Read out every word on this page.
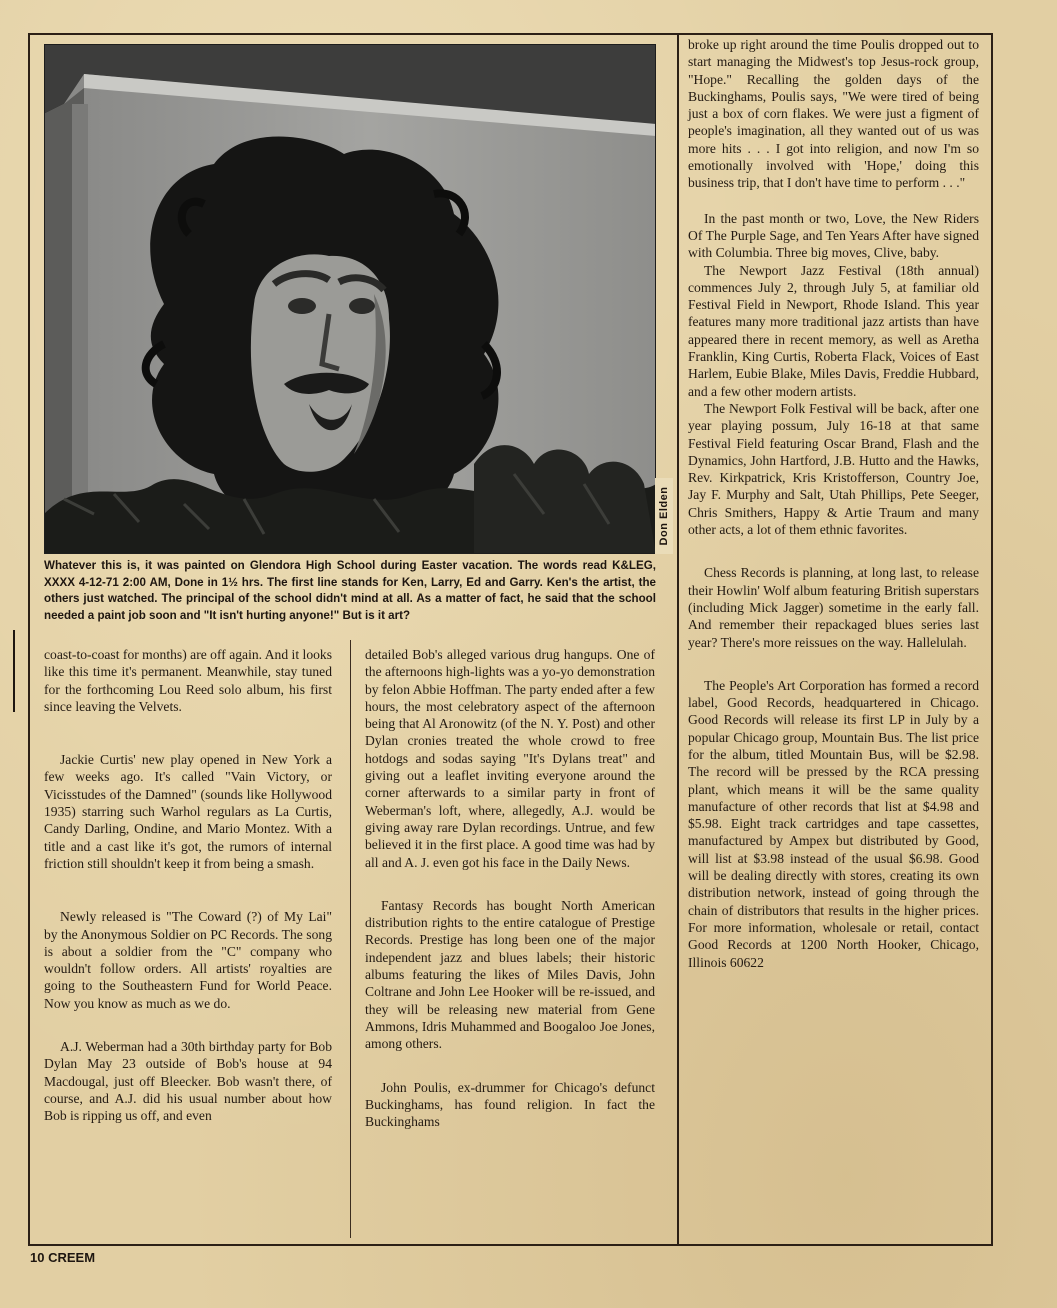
Don Elden

Whatever this is, it was painted on Glendora High School during Easter vacation. The words read K&LEG, XXXX 4-12-71 2:00 AM, Done in 1½ hrs. The first line stands for Ken, Larry, Ed and Garry. Ken's the artist, the others just watched. The principal of the school didn't mind at all. As a matter of fact, he said that the school needed a paint job soon and "It isn't hurting anyone!" But is it art?

coast-to-coast for months) are off again. And it looks like this time it's permanent. Meanwhile, stay tuned for the forthcoming Lou Reed solo album, his first since leaving the Velvets.

Jackie Curtis' new play opened in New York a few weeks ago. It's called "Vain Victory, or Vicisstudes of the Damned" (sounds like Hollywood 1935) starring such Warhol regulars as La Curtis, Candy Darling, Ondine, and Mario Montez. With a title and a cast like it's got, the rumors of internal friction still shouldn't keep it from being a smash.

Newly released is "The Coward (?) of My Lai" by the Anonymous Soldier on PC Records. The song is about a soldier from the "C" company who wouldn't follow orders. All artists' royalties are going to the Southeastern Fund for World Peace. Now you know as much as we do.

A.J. Weberman had a 30th birthday party for Bob Dylan May 23 outside of Bob's house at 94 Macdougal, just off Bleecker. Bob wasn't there, of course, and A.J. did his usual number about how Bob is ripping us off, and even

detailed Bob's alleged various drug hangups. One of the afternoons high-lights was a yo-yo demonstration by felon Abbie Hoffman. The party ended after a few hours, the most celebratory aspect of the afternoon being that Al Aronowitz (of the N. Y. Post) and other Dylan cronies treated the whole crowd to free hotdogs and sodas saying "It's Dylans treat" and giving out a leaflet inviting everyone around the corner afterwards to a similar party in front of Weberman's loft, where, allegedly, A.J. would be giving away rare Dylan recordings. Untrue, and few believed it in the first place. A good time was had by all and A. J. even got his face in the Daily News.

Fantasy Records has bought North American distribution rights to the entire catalogue of Prestige Records. Prestige has long been one of the major independent jazz and blues labels; their historic albums featuring the likes of Miles Davis, John Coltrane and John Lee Hooker will be re-issued, and they will be releasing new material from Gene Ammons, Idris Muhammed and Boogaloo Joe Jones, among others.

John Poulis, ex-drummer for Chicago's defunct Buckinghams, has found religion. In fact the Buckinghams

broke up right around the time Poulis dropped out to start managing the Midwest's top Jesus-rock group, "Hope." Recalling the golden days of the Buckinghams, Poulis says, "We were tired of being just a box of corn flakes. We were just a figment of people's imagination, all they wanted out of us was more hits . . . I got into religion, and now I'm so emotionally involved with 'Hope,' doing this business trip, that I don't have time to perform . . ."

In the past month or two, Love, the New Riders Of The Purple Sage, and Ten Years After have signed with Columbia. Three big moves, Clive, baby.

The Newport Jazz Festival (18th annual) commences July 2, through July 5, at familiar old Festival Field in Newport, Rhode Island. This year features many more traditional jazz artists than have appeared there in recent memory, as well as Aretha Franklin, King Curtis, Roberta Flack, Voices of East Harlem, Eubie Blake, Miles Davis, Freddie Hubbard, and a few other modern artists.

The Newport Folk Festival will be back, after one year playing possum, July 16-18 at that same Festival Field featuring Oscar Brand, Flash and the Dynamics, John Hartford, J.B. Hutto and the Hawks, Rev. Kirkpatrick, Kris Kristofferson, Country Joe, Jay F. Murphy and Salt, Utah Phillips, Pete Seeger, Chris Smithers, Happy & Artie Traum and many other acts, a lot of them ethnic favorites.

Chess Records is planning, at long last, to release their Howlin' Wolf album featuring British superstars (including Mick Jagger) sometime in the early fall. And remember their repackaged blues series last year? There's more reissues on the way. Hallelulah.

The People's Art Corporation has formed a record label, Good Records, headquartered in Chicago. Good Records will release its first LP in July by a popular Chicago group, Mountain Bus. The list price for the album, titled Mountain Bus, will be $2.98. The record will be pressed by the RCA pressing plant, which means it will be the same quality manufacture of other records that list at $4.98 and $5.98. Eight track cartridges and tape cassettes, manufactured by Ampex but distributed by Good, will list at $3.98 instead of the usual $6.98. Good will be dealing directly with stores, creating its own distribution network, instead of going through the chain of distributors that results in the higher prices. For more information, wholesale or retail, contact Good Records at 1200 North Hooker, Chicago, Illinois 60622

10 CREEM
